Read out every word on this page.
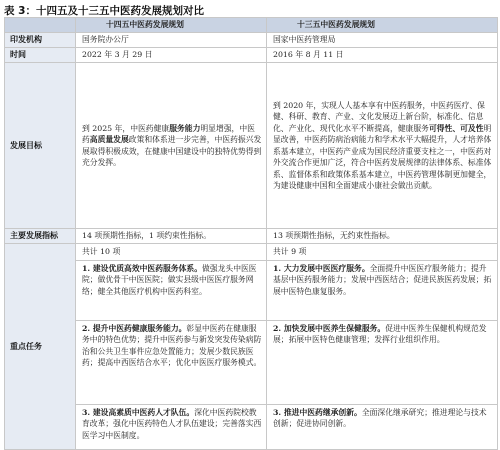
表 3：十四五及十三五中医药发展规划对比
	十四五中医药发展规划	十三五中医药发展规划
印发机构	国务院办公厅	国家中医药管理局
时间	2022 年 3 月 29 日	2016 年 8 月 11 日
发展目标	到 2025 年，中医药健康服务能力明显增强，中医药高质量发展政策和体系进一步完善，中医药振兴发展取得积极成效，在健康中国建设中的独特优势得到充分发挥。	到 2020 年，实现人人基本享有中医药服务，中医药医疗、保健、科研、教育、产业、文化发展迈上新台阶，标准化、信息化、产业化、现代化水平不断提高，健康服务可得性、可及性明显改善，中医药防病治病能力和学术水平大幅提升，人才培养体系基本建立，中医药产业成为国民经济重要支柱之一，中医药对外交流合作更加广泛，符合中医药发展规律的法律体系、标准体系、监督体系和政策体系基本建立，中医药管理体制更加健全，为建设健康中国和全面建成小康社会做出贡献。
主要发展指标	14 项预期性指标，1 项约束性指标。	13 项预期性指标，无约束性指标。
重点任务	共计 10 项	共计 9 项
	1. 建设优质高效中医药服务体系。做强龙头中医医院；做优骨干中医医院；做实县级中医医疗服务网络；健全其他医疗机构中医药科室。	1. 大力发展中医医疗服务。全面提升中医医疗服务能力；提升基层中医药服务能力；发展中西医结合；促进民族医药发展；拓展中医特色康复服务。
	2. 提升中医药健康服务能力。彰显中医药在健康服务中的特色优势；提升中医药参与新发突发传染病防治和公共卫生事件应急处置能力；发展少数民族医药；提高中西医结合水平；优化中医医疗服务模式。	2. 加快发展中医养生保健服务。促进中医养生保健机构规范发展；拓展中医特色健康管理；发挥行业组织作用。
	3. 建设高素质中医药人才队伍。深化中医药院校教育改革；强化中医药特色人才队伍建设；完善落实西医学习中医制度。	3. 推进中医药继承创新。全面深化继承研究；推进理论与技术创新；促进协同创新。
